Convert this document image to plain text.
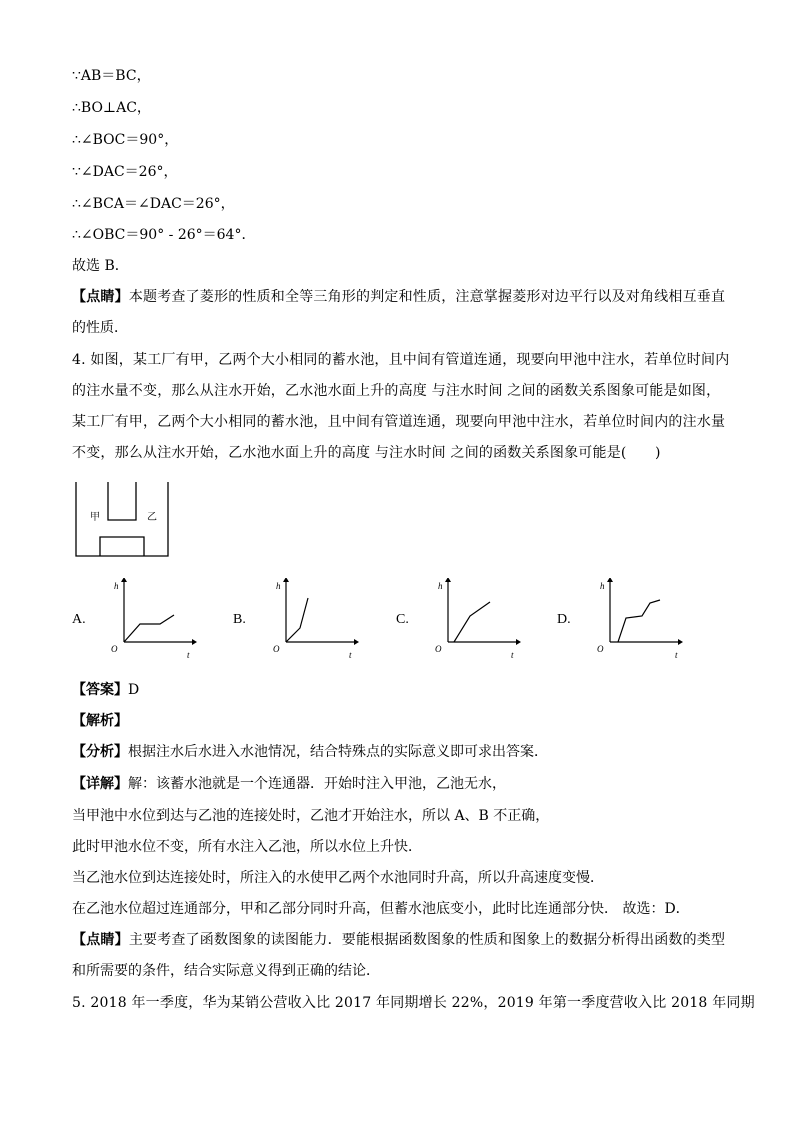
∵AB＝BC，
∴BO⊥AC，
∴∠BOC＝90°，
∵∠DAC＝26°，
∴∠BCA＝∠DAC＝26°，
∴∠OBC＝90° - 26°＝64°．
故选 B．
【点睛】本题考查了菱形的性质和全等三角形的判定和性质，注意掌握菱形对边平行以及对角线相互垂直
的性质．
4. 如图，某工厂有甲，乙两个大小相同的蓄水池，且中间有管道连通，现要向甲池中注水，若单位时间内
的注水量不变，那么从注水开始，乙水池水面上升的高度 与注水时间 之间的函数关系图象可能是如图，
某工厂有甲，乙两个大小相同的蓄水池，且中间有管道连通，现要向甲池中注水，若单位时间内的注水量
不变，那么从注水开始，乙水池水面上升的高度 与注水时间 之间的函数关系图象可能是(　　)
甲	乙
A.
h
O
t
B.
h
O
t
C.
h
O
t
D.
h
O
t
【答案】D
【解析】
【分析】根据注水后水进入水池情况，结合特殊点的实际意义即可求出答案．
【详解】解：该蓄水池就是一个连通器．开始时注入甲池，乙池无水，
当甲池中水位到达与乙池的连接处时，乙池才开始注水，所以 A、B 不正确，
此时甲池水位不变，所有水注入乙池，所以水位上升快．
当乙池水位到达连接处时，所注入的水使甲乙两个水池同时升高，所以升高速度变慢．
在乙池水位超过连通部分，甲和乙部分同时升高，但蓄水池底变小，此时比连通部分快． 故选：D．
【点睛】主要考查了函数图象的读图能力．要能根据函数图象的性质和图象上的数据分析得出函数的类型
和所需要的条件，结合实际意义得到正确的结论．
5. 2018 年一季度，华为某销公营收入比 2017 年同期增长 22%，2019 年第一季度营收入比 2018 年同期
